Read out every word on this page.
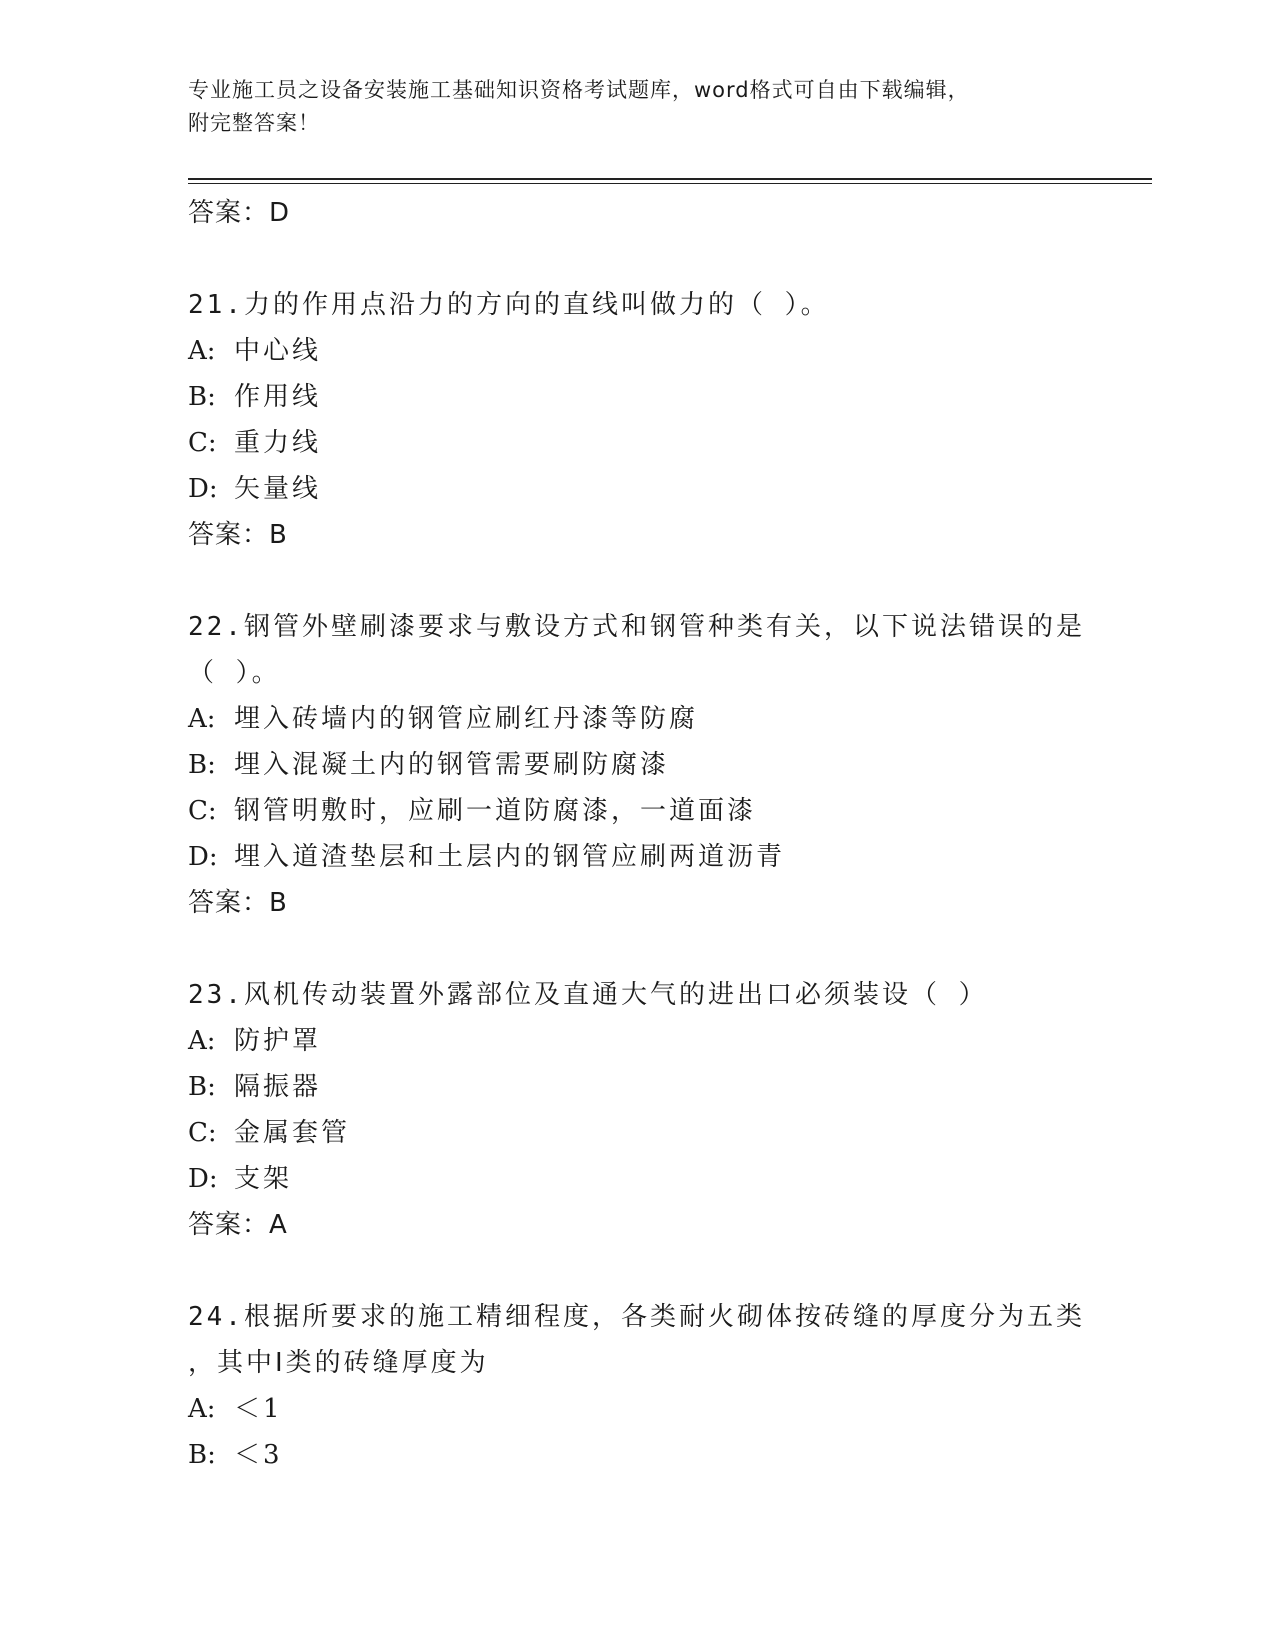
专业施工员之设备安装施工基础知识资格考试题库，word格式可自由下载编辑，
附完整答案！
答案：D
21.力的作用点沿力的方向的直线叫做力的（ ）。
A: 中心线
B: 作用线
C: 重力线
D: 矢量线
答案：B
22.钢管外壁刷漆要求与敷设方式和钢管种类有关，以下说法错误的是
（ ）。
A: 埋入砖墙内的钢管应刷红丹漆等防腐
B: 埋入混凝土内的钢管需要刷防腐漆
C: 钢管明敷时，应刷一道防腐漆，一道面漆
D: 埋入道渣垫层和土层内的钢管应刷两道沥青
答案：B
23.风机传动装置外露部位及直通大气的进出口必须装设（ ）
A: 防护罩
B: 隔振器
C: 金属套管
D: 支架
答案：A
24.根据所要求的施工精细程度，各类耐火砌体按砖缝的厚度分为五类
，其中Ⅰ类的砖缝厚度为
A: ＜1
B: ＜3
